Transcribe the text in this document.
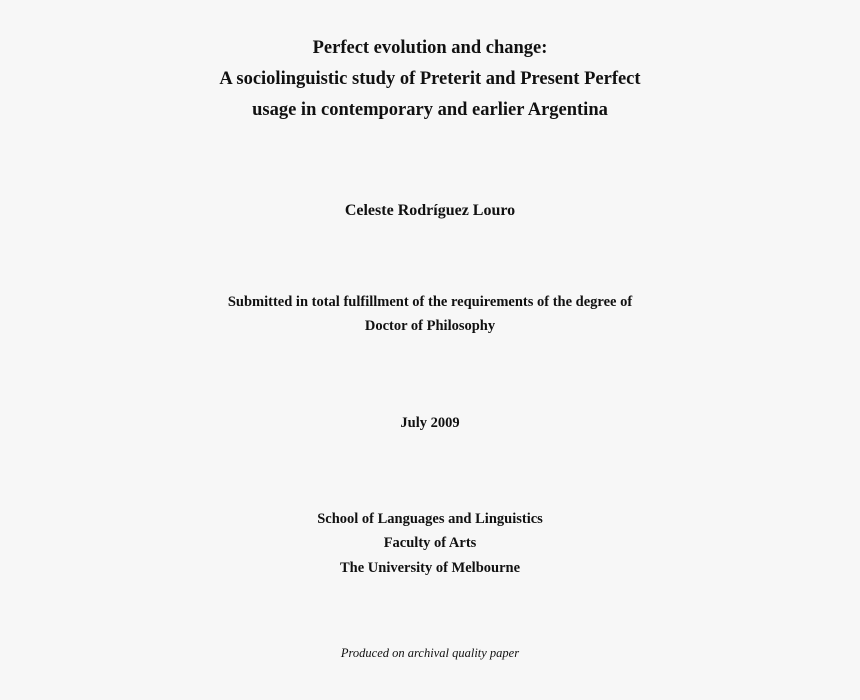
Perfect evolution and change:
A sociolinguistic study of Preterit and Present Perfect
usage in contemporary and earlier Argentina
Celeste Rodríguez Louro
Submitted in total fulfillment of the requirements of the degree of
Doctor of Philosophy
July 2009
School of Languages and Linguistics
Faculty of Arts
The University of Melbourne
Produced on archival quality paper
